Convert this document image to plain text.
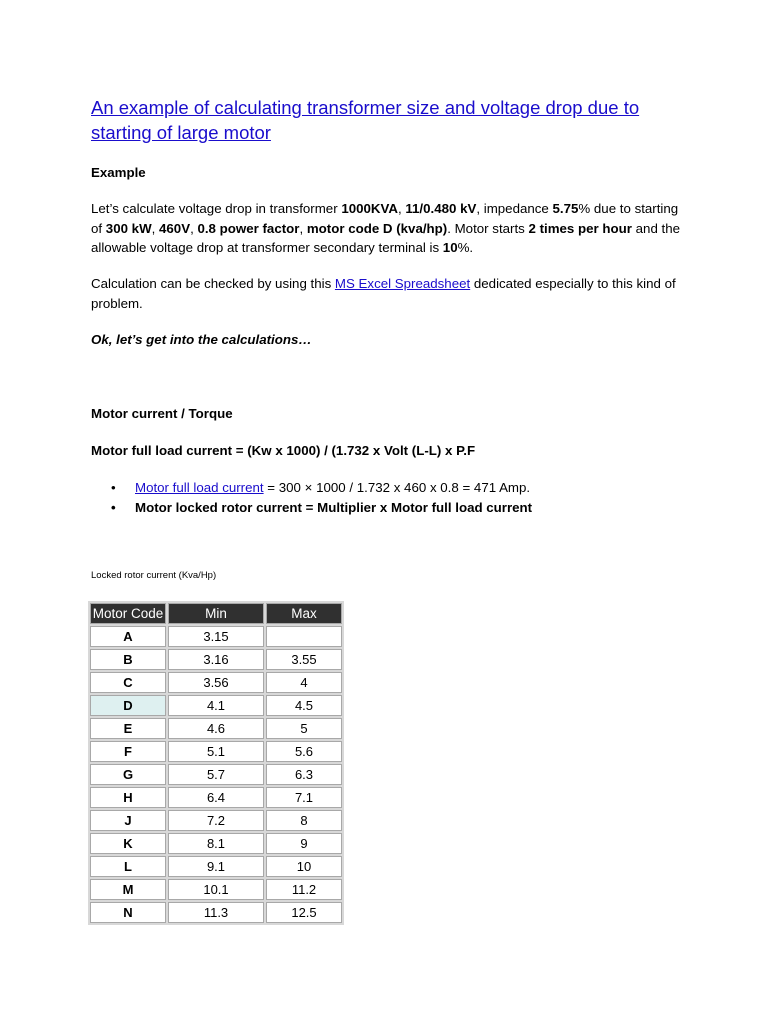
An example of calculating transformer size and voltage drop due to starting of large motor
Example
Let’s calculate voltage drop in transformer 1000KVA, 11/0.480 kV, impedance 5.75% due to starting of 300 kW, 460V, 0.8 power factor, motor code D (kva/hp). Motor starts 2 times per hour and the allowable voltage drop at transformer secondary terminal is 10%.
Calculation can be checked by using this MS Excel Spreadsheet dedicated especially to this kind of problem.
Ok, let’s get into the calculations…
Motor current / Torque
Motor full load current = (Kw x 1000) / (1.732 x Volt (L-L) x P.F
• Motor full load current = 300 × 1000 / 1.732 x 460 x 0.8 = 471 Amp.
• Motor locked rotor current = Multiplier x Motor full load current
Locked rotor current (Kva/Hp)
Motor Code	Min	Max
A	3.15	
B	3.16	3.55
C	3.56	4
D	4.1	4.5
E	4.6	5
F	5.1	5.6
G	5.7	6.3
H	6.4	7.1
J	7.2	8
K	8.1	9
L	9.1	10
M	10.1	11.2
N	11.3	12.5
